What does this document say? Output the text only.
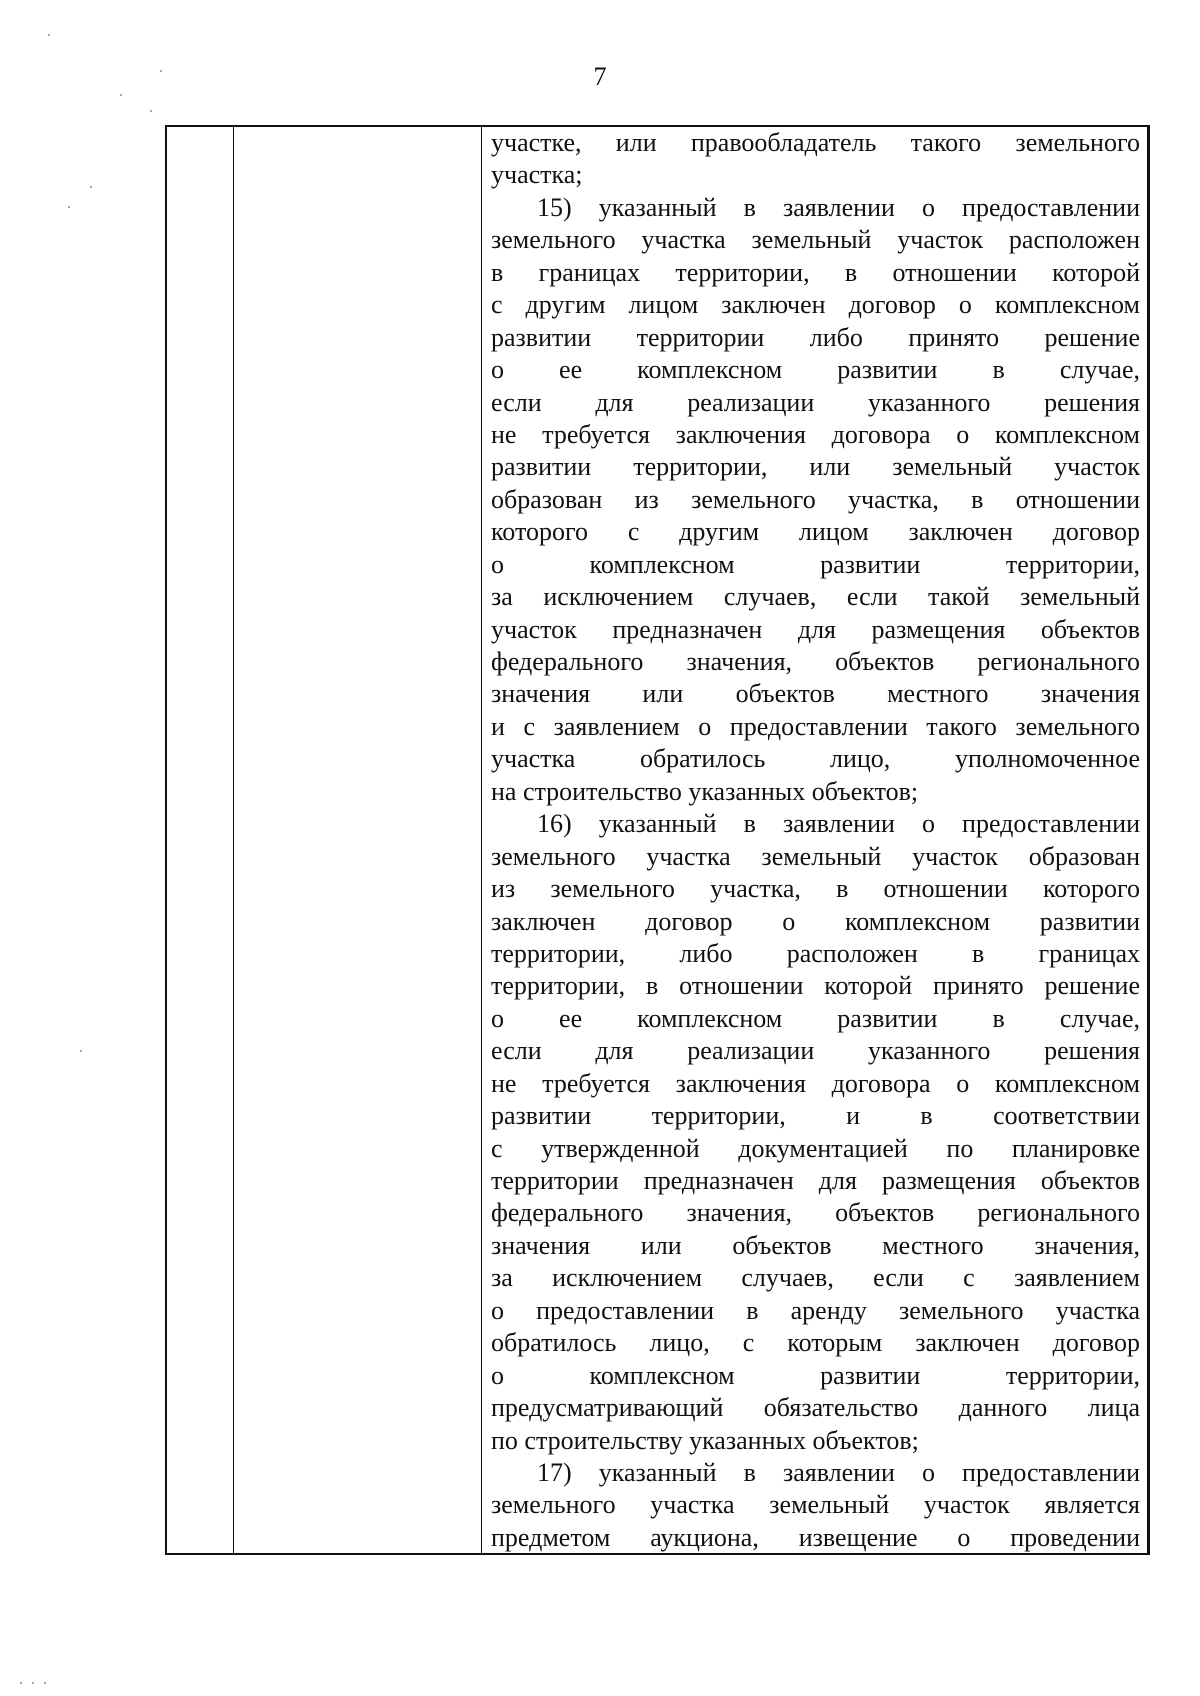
7
участке, или правообладатель такого земельного
участка;
15) указанный в заявлении о предоставлении
земельного участка земельный участок расположен
в границах территории, в отношении которой
с другим лицом заключен договор о комплексном
развитии территории либо принято решение
о ее комплексном развитии в случае,
если для реализации указанного решения
не требуется заключения договора о комплексном
развитии территории, или земельный участок
образован из земельного участка, в отношении
которого с другим лицом заключен договор
о комплексном развитии территории,
за исключением случаев, если такой земельный
участок предназначен для размещения объектов
федерального значения, объектов регионального
значения или объектов местного значения
и с заявлением о предоставлении такого земельного
участка обратилось лицо, уполномоченное
на строительство указанных объектов;
16) указанный в заявлении о предоставлении
земельного участка земельный участок образован
из земельного участка, в отношении которого
заключен договор о комплексном развитии
территории, либо расположен в границах
территории, в отношении которой принято решение
о ее комплексном развитии в случае,
если для реализации указанного решения
не требуется заключения договора о комплексном
развитии территории, и в соответствии
с утвержденной документацией по планировке
территории предназначен для размещения объектов
федерального значения, объектов регионального
значения или объектов местного значения,
за исключением случаев, если с заявлением
о предоставлении в аренду земельного участка
обратилось лицо, с которым заключен договор
о комплексном развитии территории,
предусматривающий обязательство данного лица
по строительству указанных объектов;
17) указанный в заявлении о предоставлении
земельного участка земельный участок является
предметом аукциона, извещение о проведении
